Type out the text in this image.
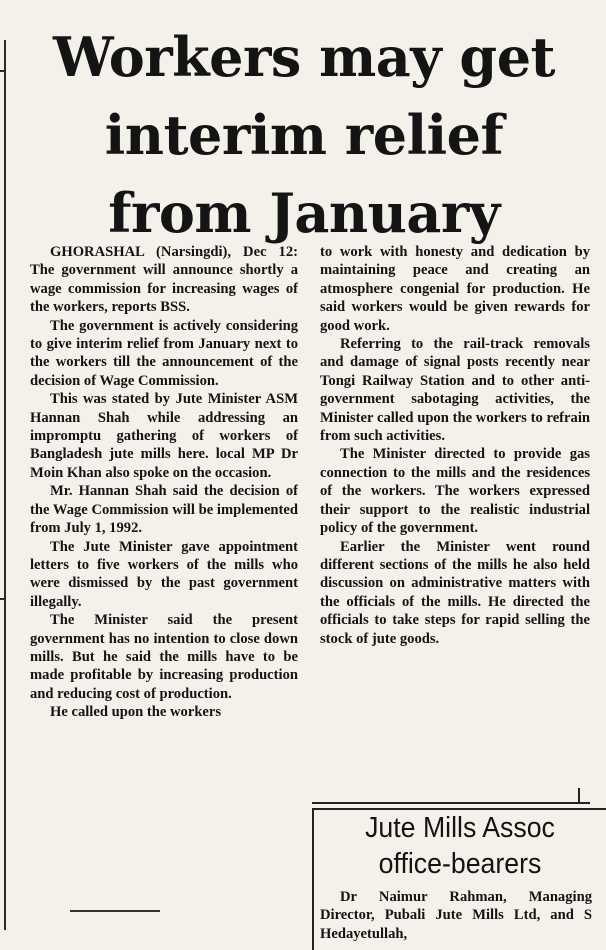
Workers may get
interim relief
from January

GHORASHAL (Narsingdi), Dec 12: The government will announce shortly a wage commission for increasing wages of the workers, reports BSS.

The government is actively considering to give interim relief from January next to the workers till the announcement of the decision of Wage Commission.

This was stated by Jute Minister ASM Hannan Shah while addressing an impromptu gathering of workers of Bangladesh jute mills here. local MP Dr Moin Khan also spoke on the occasion.

Mr. Hannan Shah said the decision of the Wage Commission will be implemented from July 1, 1992.

The Jute Minister gave appointment letters to five workers of the mills who were dismissed by the past government illegally.

The Minister said the present government has no intention to close down mills. But he said the mills have to be made profitable by increasing production and reducing cost of production.

He called upon the workers

to work with honesty and dedication by maintaining peace and creating an atmosphere congenial for production. He said workers would be given rewards for good work.

Referring to the rail-track removals and damage of signal posts recently near Tongi Railway Station and to other anti-government sabotaging activities, the Minister called upon the workers to refrain from such activities.

The Minister directed to provide gas connection to the mills and the residences of the workers. The workers expressed their support to the realistic industrial policy of the government.

Earlier the Minister went round different sections of the mills he also held discussion on administrative matters with the officials of the mills. He directed the officials to take steps for rapid selling the stock of jute goods.

Jute Mills Assoc
office-bearers

Dr Naimur Rahman, Managing Director, Pubali Jute Mills Ltd, and S Hedayetullah,
